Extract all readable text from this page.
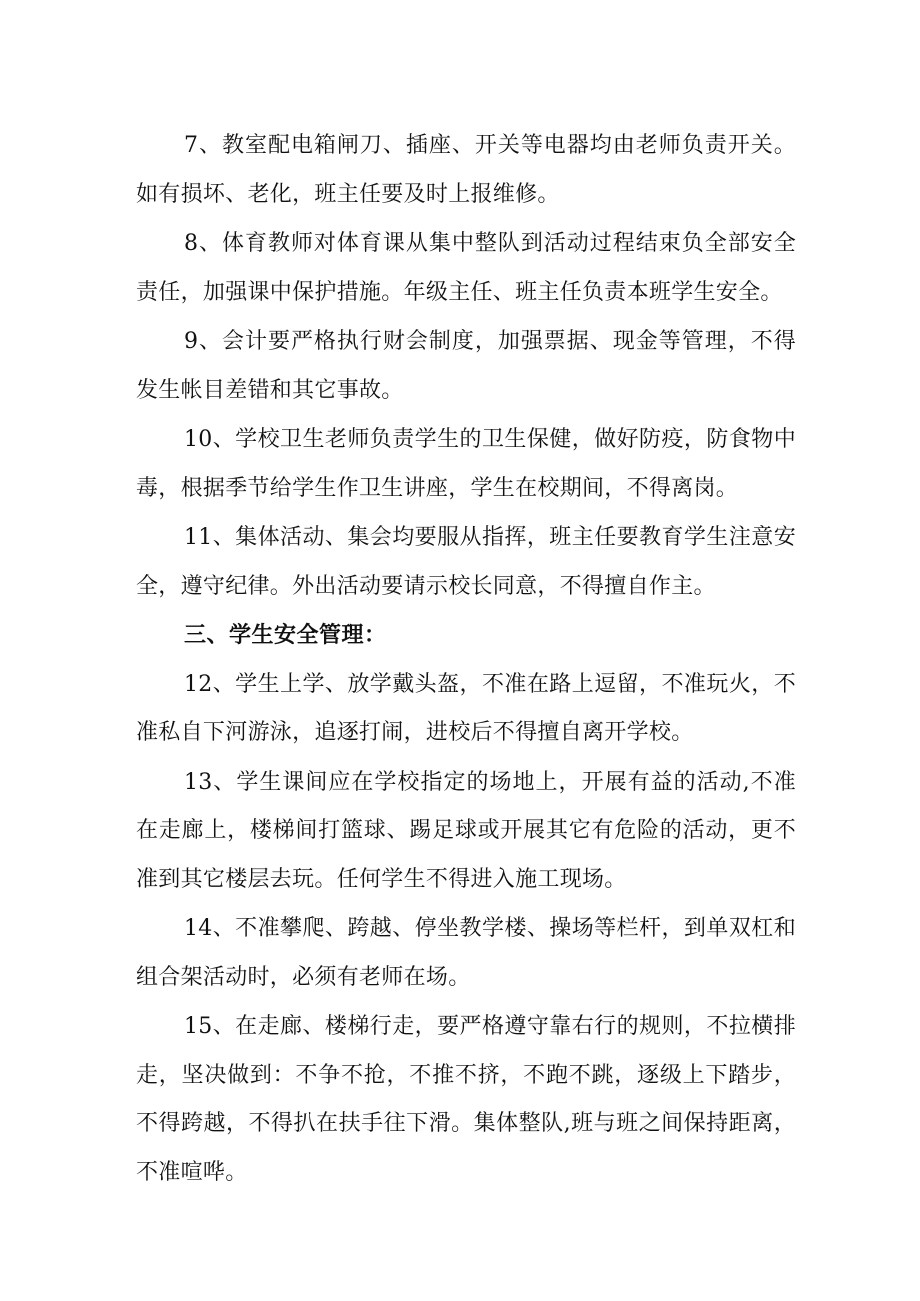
7、教室配电箱闸刀、插座、开关等电器均由老师负责开关。如有损坏、老化，班主任要及时上报维修。

8、体育教师对体育课从集中整队到活动过程结束负全部安全责任，加强课中保护措施。年级主任、班主任负责本班学生安全。

9、会计要严格执行财会制度，加强票据、现金等管理，不得发生帐目差错和其它事故。

10、学校卫生老师负责学生的卫生保健，做好防疫，防食物中毒，根据季节给学生作卫生讲座，学生在校期间，不得离岗。

11、集体活动、集会均要服从指挥，班主任要教育学生注意安全，遵守纪律。外出活动要请示校长同意，不得擅自作主。

三、学生安全管理：

12、学生上学、放学戴头盔，不准在路上逗留，不准玩火，不准私自下河游泳，追逐打闹，进校后不得擅自离开学校。

13、学生课间应在学校指定的场地上，开展有益的活动,不准在走廊上，楼梯间打篮球、踢足球或开展其它有危险的活动，更不准到其它楼层去玩。任何学生不得进入施工现场。

14、不准攀爬、跨越、停坐教学楼、操场等栏杆，到单双杠和组合架活动时，必须有老师在场。

15、在走廊、楼梯行走，要严格遵守靠右行的规则，不拉横排走，坚决做到：不争不抢，不推不挤，不跑不跳，逐级上下踏步，不得跨越，不得扒在扶手往下滑。集体整队,班与班之间保持距离，不准喧哗。
